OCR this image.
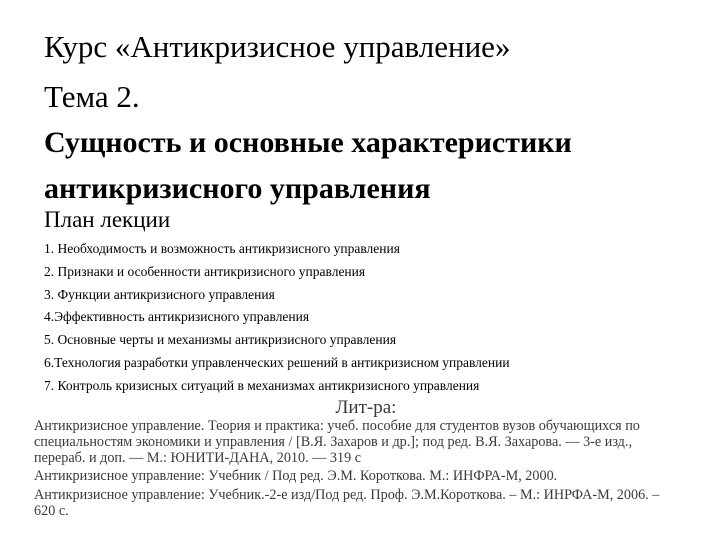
Курс «Антикризисное управление»
Тема 2.
Сущность и основные характеристики
антикризисного управления
План лекции
1. Необходимость и возможность антикризисного управления
2. Признаки и особенности антикризисного управления
3. Функции антикризисного управления
4.Эффективность антикризисного управления
5. Основные черты и механизмы антикризисного управления
6.Технология разработки управленческих решений в антикризисном управлении
7. Контроль кризисных ситуаций в механизмах антикризисного управления
Лит-ра:
Антикризисное управление. Теория и практика: учеб. пособие для студентов вузов обучающихся по специальностям экономики и управления / [В.Я. Захаров и др.]; под ред. В.Я. Захарова. — 3-е изд., перераб. и доп. — М.: ЮНИТИ-ДАНА, 2010. — 319 с
Антикризисное управление: Учебник / Под ред. Э.М. Короткова. М.: ИНФРА-М, 2000.
Антикризисное управление: Учебник.-2-е изд/Под ред. Проф. Э.М.Короткова. – М.: ИНРФА-М, 2006. – 620 с.
